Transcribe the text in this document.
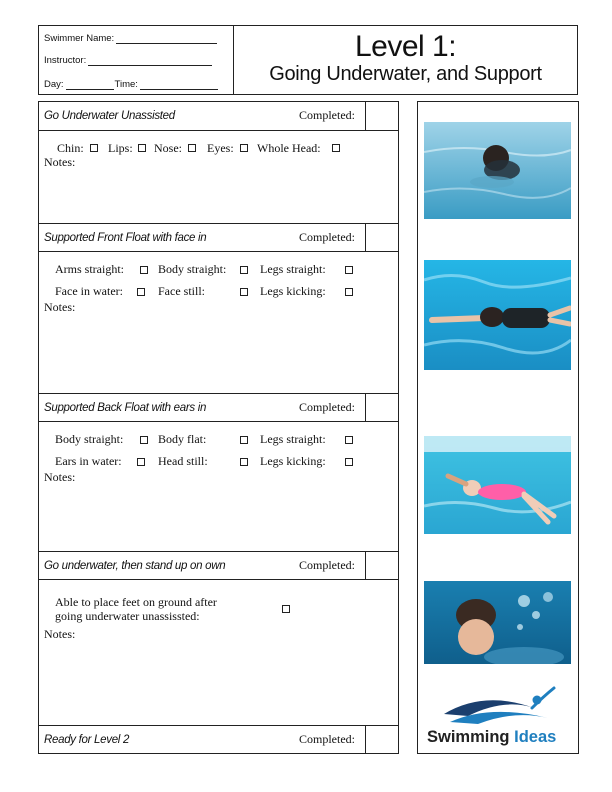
Swimmer Name:
Instructor:
Day:	Time:
Level 1:
Going Underwater, and Support
Go Underwater Unassisted	Completed:
Chin: Lips: Nose: Eyes: Whole Head:
Notes:
Supported Front Float with face in	Completed:
Arms straight:	Body straight:	Legs straight:
Face in water:	Face still:	Legs kicking:
Notes:
Supported Back Float with ears in	Completed:
Body straight:	Body flat:	Legs straight:
Ears in water:	Head still:	Legs kicking:
Notes:
Go underwater, then stand up on own	Completed:
Able to place feet on ground after
going underwater unassissted:
Notes:
Ready for Level 2	Completed:	Swimming Ideas
